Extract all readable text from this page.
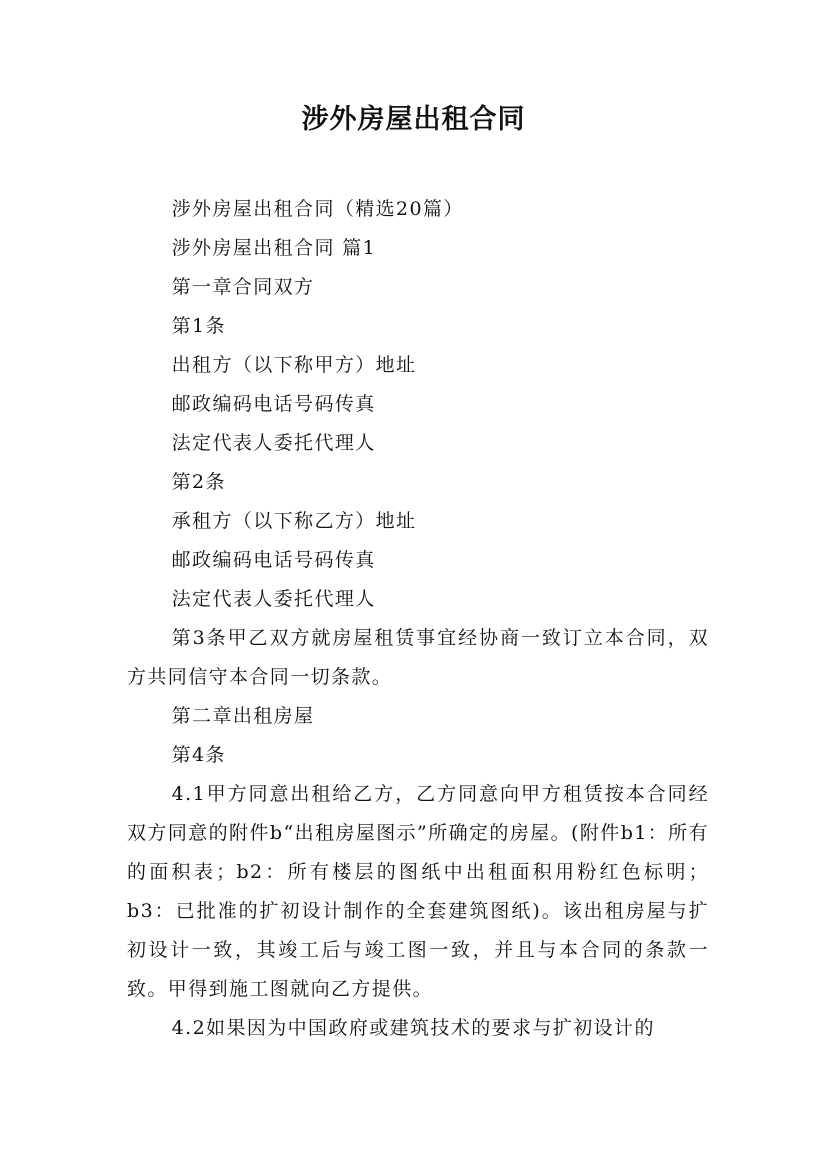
涉外房屋出租合同

涉外房屋出租合同（精选20篇）

涉外房屋出租合同 篇1

第一章合同双方

第1条

出租方（以下称甲方）地址

邮政编码电话号码传真

法定代表人委托代理人

第2条

承租方（以下称乙方）地址

邮政编码电话号码传真

法定代表人委托代理人

第3条甲乙双方就房屋租赁事宜经协商一致订立本合同，双方共同信守本合同一切条款。

第二章出租房屋

第4条

4.1甲方同意出租给乙方，乙方同意向甲方租赁按本合同经双方同意的附件b“出租房屋图示”所确定的房屋。(附件b1：所有的面积表；b2：所有楼层的图纸中出租面积用粉红色标明；b3：已批准的扩初设计制作的全套建筑图纸)。该出租房屋与扩初设计一致，其竣工后与竣工图一致，并且与本合同的条款一致。甲得到施工图就向乙方提供。

4.2如果因为中国政府或建筑技术的要求与扩初设计的
